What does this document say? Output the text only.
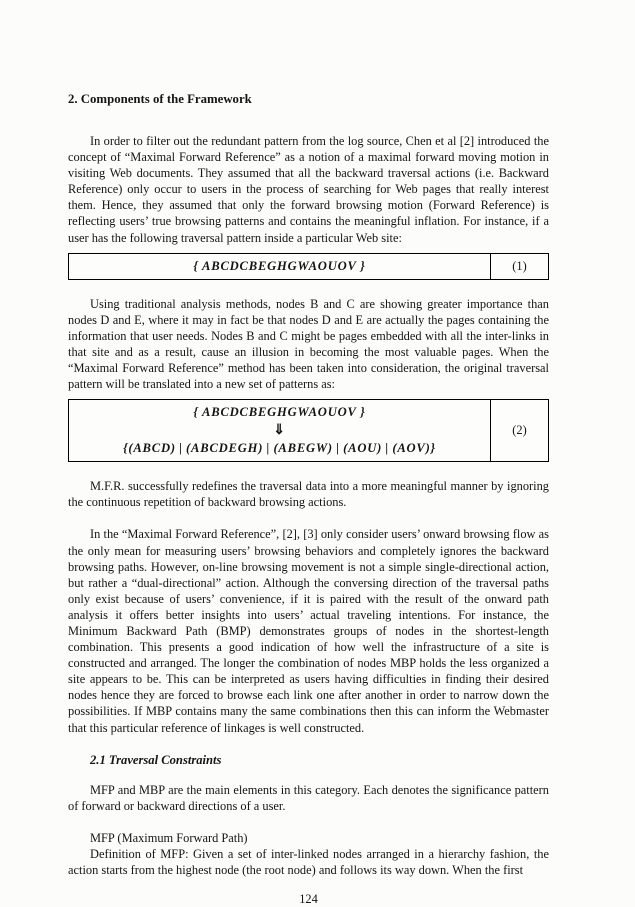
2. Components of the Framework

In order to filter out the redundant pattern from the log source, Chen et al [2] introduced the concept of “Maximal Forward Reference” as a notion of a maximal forward moving motion in visiting Web documents. They assumed that all the backward traversal actions (i.e. Backward Reference) only occur to users in the process of searching for Web pages that really interest them. Hence, they assumed that only the forward browsing motion (Forward Reference) is reflecting users’ true browsing patterns and contains the meaningful inflation. For instance, if a user has the following traversal pattern inside a particular Web site:

{ ABCDCBEGHGWAOUOV }	(1)

Using traditional analysis methods, nodes B and C are showing greater importance than nodes D and E, where it may in fact be that nodes D and E are actually the pages containing the information that user needs. Nodes B and C might be pages embedded with all the inter-links in that site and as a result, cause an illusion in becoming the most valuable pages. When the “Maximal Forward Reference” method has been taken into consideration, the original traversal pattern will be translated into a new set of patterns as:

{ ABCDCBEGHGWAOUOV }
⇓
{(ABCD) | (ABCDEGH) | (ABEGW) | (AOU) | (AOV)}
(2)

M.F.R. successfully redefines the traversal data into a more meaningful manner by ignoring the continuous repetition of backward browsing actions.

In the “Maximal Forward Reference”, [2], [3] only consider users’ onward browsing flow as the only mean for measuring users’ browsing behaviors and completely ignores the backward browsing paths. However, on-line browsing movement is not a simple single-directional action, but rather a “dual-directional” action. Although the conversing direction of the traversal paths only exist because of users’ convenience, if it is paired with the result of the onward path analysis it offers better insights into users’ actual traveling intentions. For instance, the Minimum Backward Path (BMP) demonstrates groups of nodes in the shortest-length combination. This presents a good indication of how well the infrastructure of a site is constructed and arranged. The longer the combination of nodes MBP holds the less organized a site appears to be. This can be interpreted as users having difficulties in finding their desired nodes hence they are forced to browse each link one after another in order to narrow down the possibilities. If MBP contains many the same combinations then this can inform the Webmaster that this particular reference of linkages is well constructed.

2.1 Traversal Constraints

MFP and MBP are the main elements in this category. Each denotes the significance pattern of forward or backward directions of a user.

MFP (Maximum Forward Path)

Definition of MFP: Given a set of inter-linked nodes arranged in a hierarchy fashion, the action starts from the highest node (the root node) and follows its way down. When the first

124
